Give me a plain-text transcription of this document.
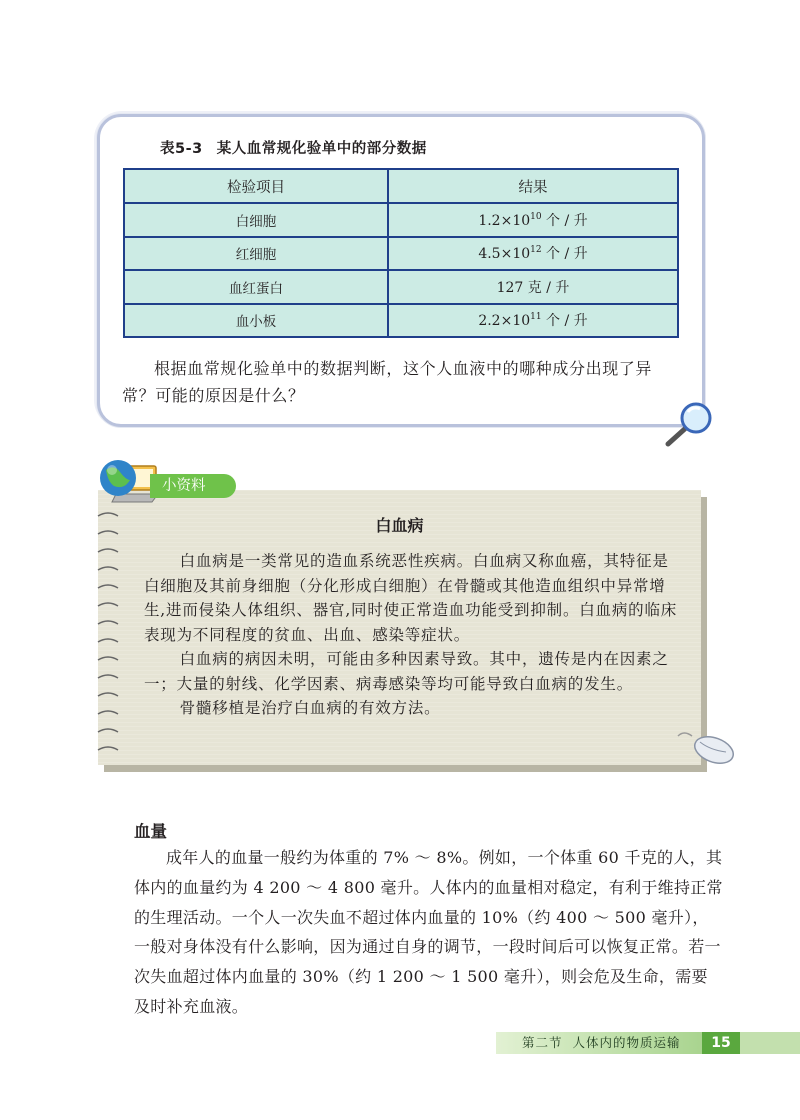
表5-3 某人血常规化验单中的部分数据
检验项目	结果
白细胞	$1.2\times 10^{10}$ 个 / 升
红细胞	$4.5\times 10^{12}$ 个 / 升
血红蛋白	127 克 / 升
血小板	$2.2\times 10^{11}$ 个 / 升

根据血常规化验单中的数据判断，这个人血液中的哪种成分出现了异常？可能的原因是什么？

小资料
白血病

白血病是一类常见的造血系统恶性疾病。白血病又称血癌，其特征是白细胞及其前身细胞（分化形成白细胞）在骨髓或其他造血组织中异常增生,进而侵染人体组织、器官,同时使正常造血功能受到抑制。白血病的临床表现为不同程度的贫血、出血、感染等症状。

白血病的病因未明，可能由多种因素导致。其中，遗传是内在因素之一；大量的射线、化学因素、病毒感染等均可能导致白血病的发生。

骨髓移植是治疗白血病的有效方法。

血量

成年人的血量一般约为体重的 7% ～ 8%。例如，一个体重 60 千克的人，其体内的血量约为 4 200 ～ 4 800 毫升。人体内的血量相对稳定，有利于维持正常的生理活动。一个人一次失血不超过体内血量的 10%（约 400 ～ 500 毫升），一般对身体没有什么影响，因为通过自身的调节，一段时间后可以恢复正常。若一次失血超过体内血量的 30%（约 1 200 ～ 1 500 毫升），则会危及生命，需要及时补充血液。

第二节 人体内的物质运输	15
